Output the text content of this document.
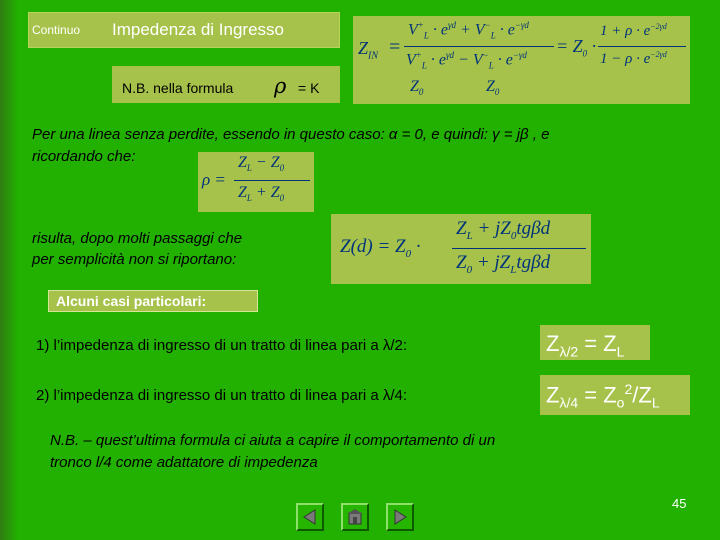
Continuo Impedenza di Ingresso
N.B. nella formula ρ = K
$Z_{IN}$ =
$V^+_L \cdot e^{\gamma d} + V^-_L \cdot e^{-\gamma d}$
$V^+_L \cdot e^{\gamma d} - V^-_L \cdot e^{-\gamma d}$
$Z_0$	$Z_0$
= $Z_0$ ·
$1 + \rho \cdot e^{-2\gamma d}$
$1 - \rho \cdot e^{-2\gamma d}$
Per una linea senza perdite, essendo in questo caso: α = 0, e quindi: γ = jβ , e
ricordando che:
ρ =
$Z_L - Z_0$
$Z_L + Z_0$
risulta, dopo molti passaggi che
per semplicità non si riportano:
$Z(d) = Z_0$ ·
$Z_L + jZ_0tg\beta d$
$Z_0 + jZ_Ltg\beta d$
Alcuni casi particolari:
1) l’impedenza di ingresso di un tratto di linea pari a λ/2:	$Z_{\lambda/2} = Z_L$
2) l’impedenza di ingresso di un tratto di linea pari a λ/4:	$Z_{\lambda/4} = Z_o^2/Z_L$
N.B. – quest’ultima formula ci aiuta a capire il comportamento di un
tronco l/4 come adattatore di impedenza
45
